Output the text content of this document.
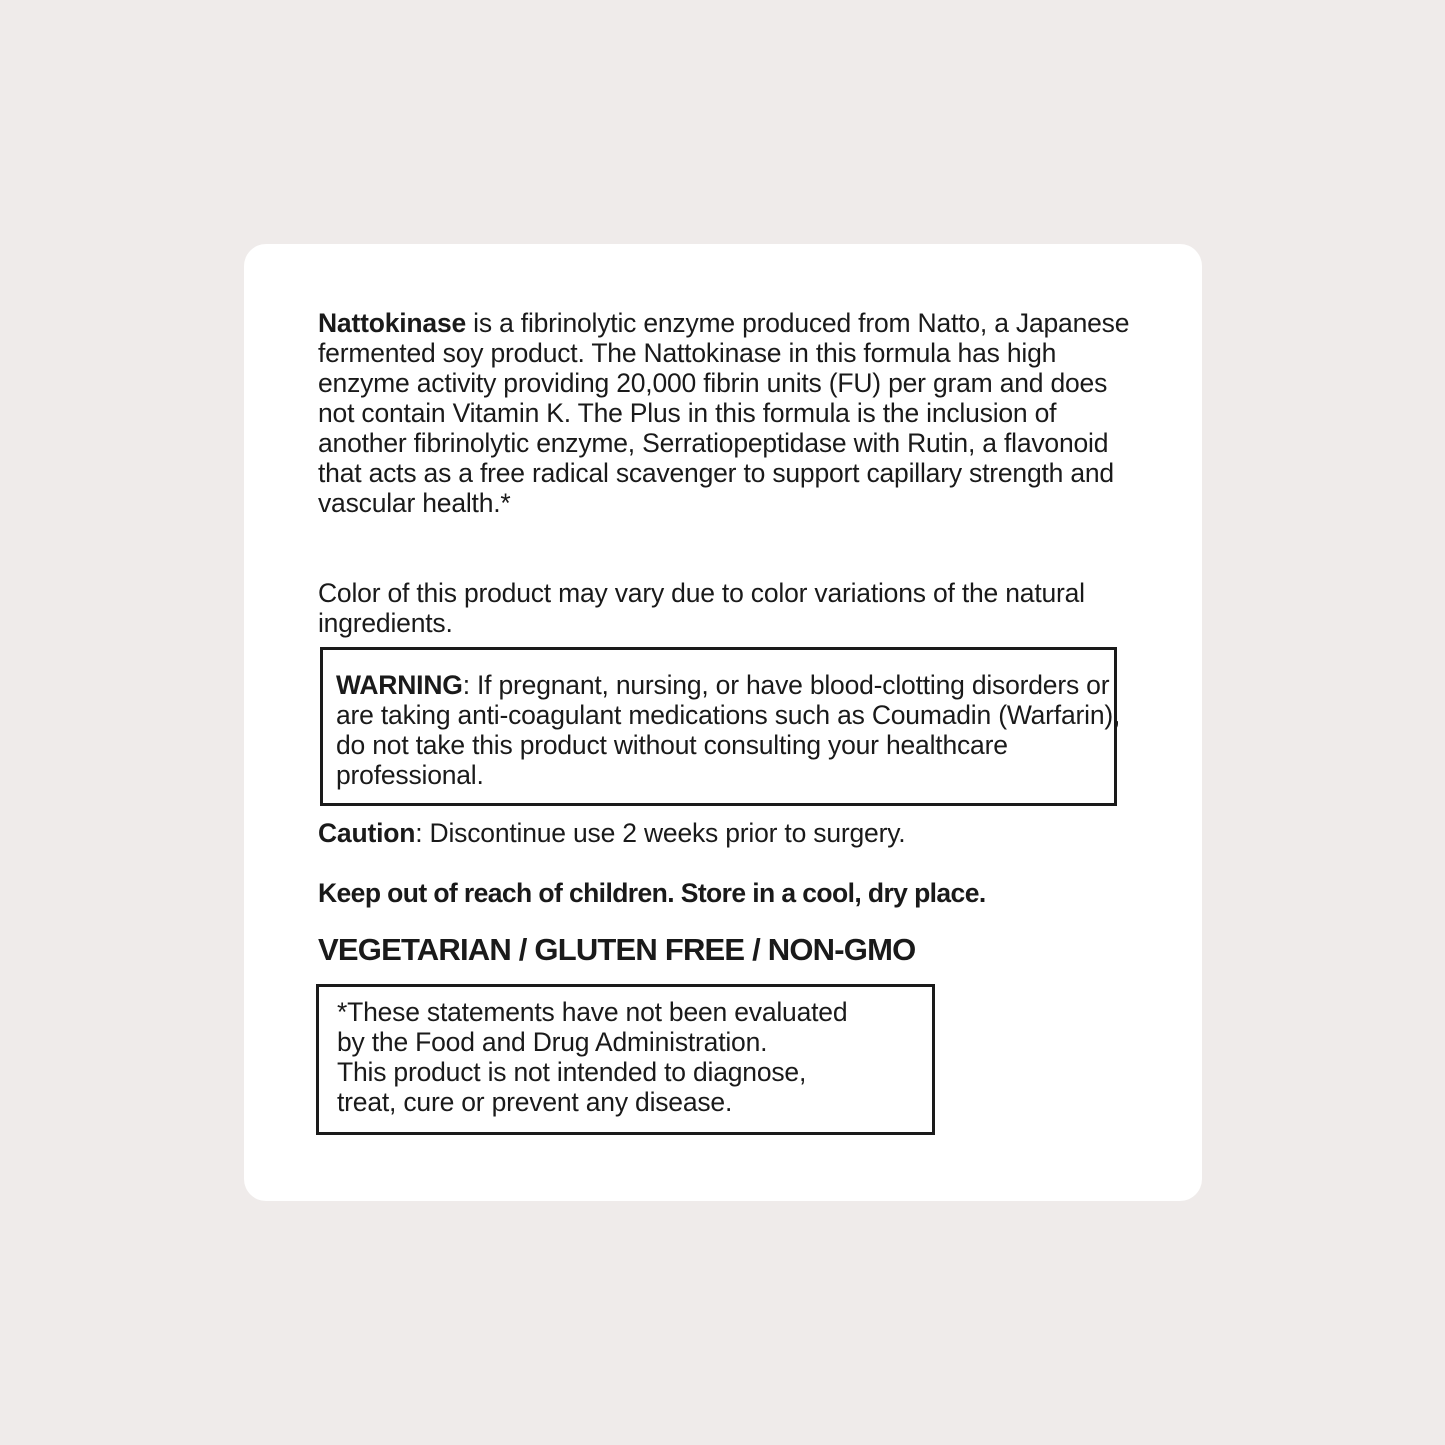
Nattokinase is a fibrinolytic enzyme produced from Natto, a Japanese fermented soy product. The Nattokinase in this formula has high enzyme activity providing 20,000 fibrin units (FU) per gram and does not contain Vitamin K. The Plus in this formula is the inclusion of another fibrinolytic enzyme, Serratiopeptidase with Rutin, a flavonoid that acts as a free radical scavenger to support capillary strength and vascular health.*

Color of this product may vary due to color variations of the natural ingredients.

WARNING: If pregnant, nursing, or have blood-clotting disorders or are taking anti-coagulant medications such as Coumadin (Warfarin), do not take this product without consulting your healthcare professional.

Caution: Discontinue use 2 weeks prior to surgery.

Keep out of reach of children. Store in a cool, dry place.

VEGETARIAN / GLUTEN FREE / NON-GMO

*These statements have not been evaluated
by the Food and Drug Administration.
This product is not intended to diagnose,
treat, cure or prevent any disease.
